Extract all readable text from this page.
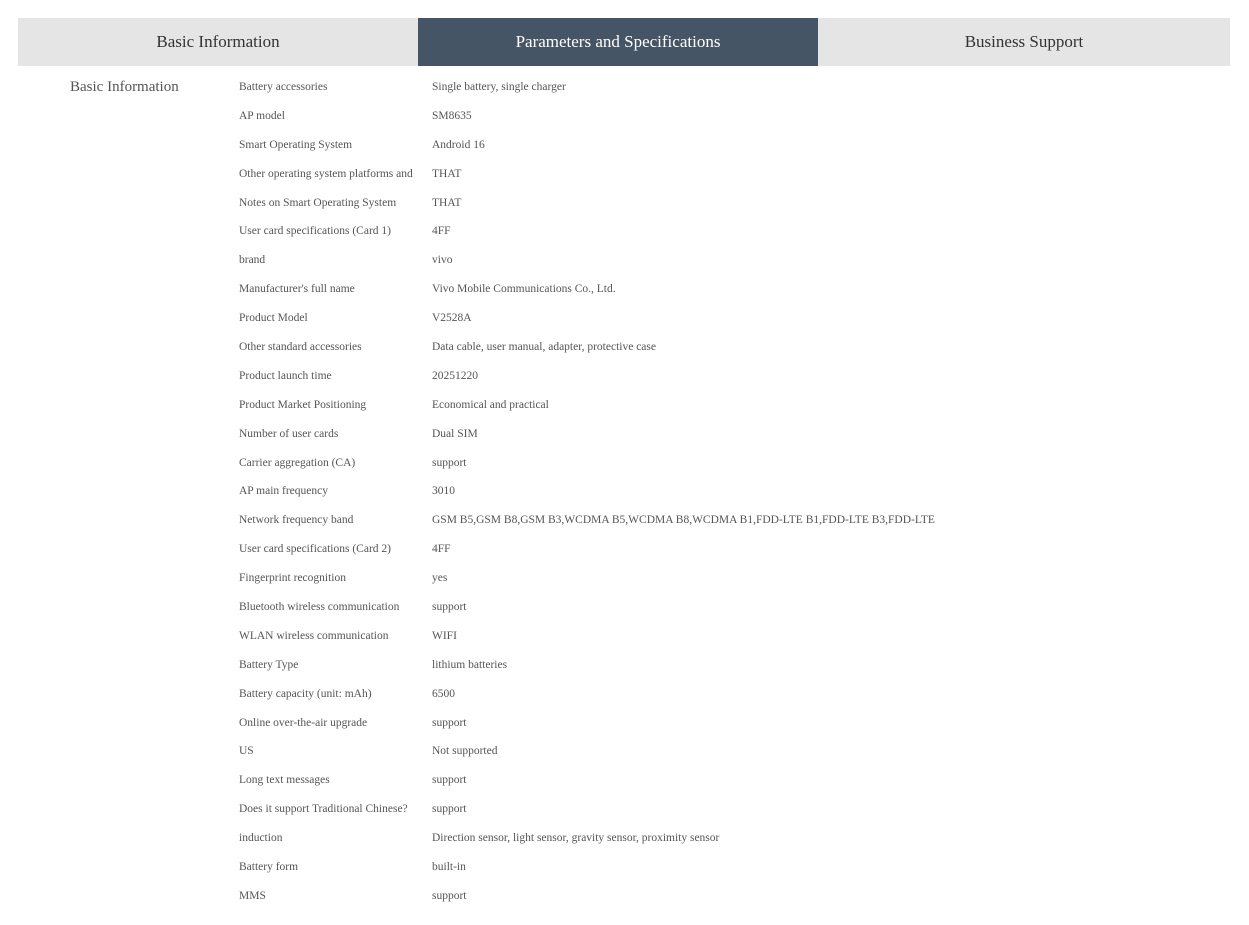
Basic Information	Parameters and Specifications	Business Support
Basic Information	Battery accessories	Single battery, single charger
AP model	SM8635
Smart Operating System	Android 16
Other operating system platforms and	THAT
Notes on Smart Operating System	THAT
User card specifications (Card 1)	4FF
brand	vivo
Manufacturer's full name	Vivo Mobile Communications Co., Ltd.
Product Model	V2528A
Other standard accessories	Data cable, user manual, adapter, protective case
Product launch time	20251220
Product Market Positioning	Economical and practical
Number of user cards	Dual SIM
Carrier aggregation (CA)	support
AP main frequency	3010
Network frequency band	GSM B5,GSM B8,GSM B3,WCDMA B5,WCDMA B8,WCDMA B1,FDD-LTE B1,FDD-LTE B3,FDD-LTE
User card specifications (Card 2)	4FF
Fingerprint recognition	yes
Bluetooth wireless communication	support
WLAN wireless communication	WIFI
Battery Type	lithium batteries
Battery capacity (unit: mAh)	6500
Online over-the-air upgrade	support
US	Not supported
Long text messages	support
Does it support Traditional Chinese?	support
induction	Direction sensor, light sensor, gravity sensor, proximity sensor
Battery form	built-in
MMS	support
